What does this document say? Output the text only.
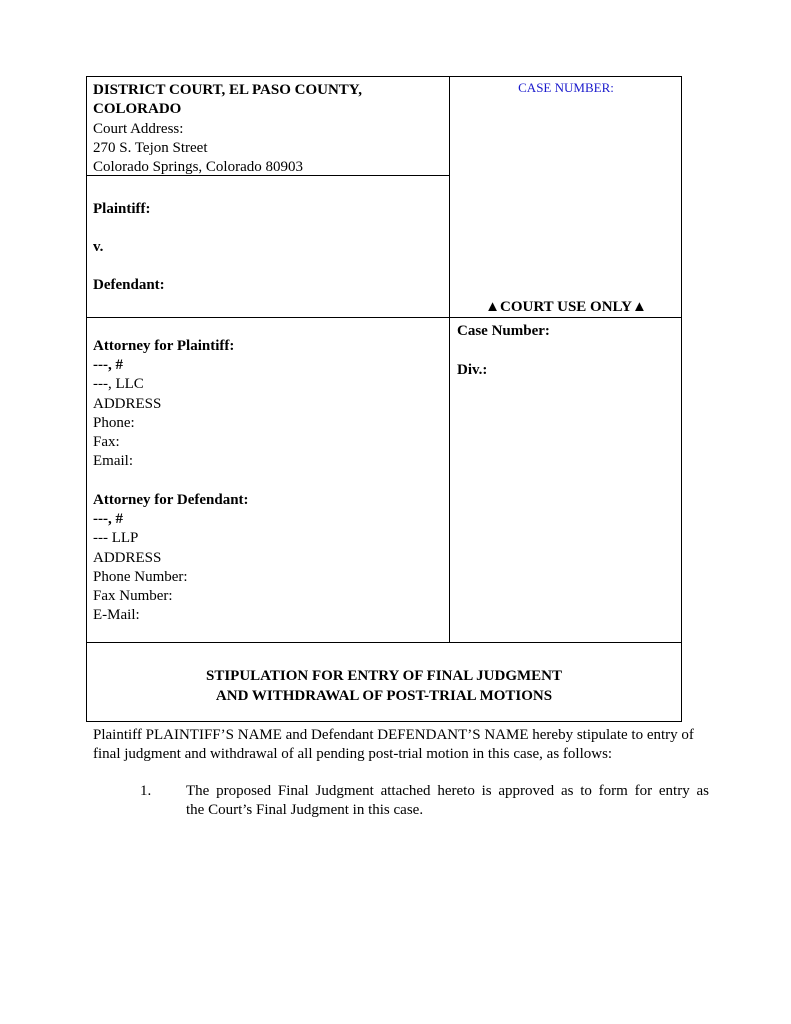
DISTRICT COURT, EL PASO COUNTY,
COLORADO
Court Address:
270 S. Tejon Street
Colorado Springs, Colorado 80903
CASE NUMBER:
Plaintiff:
v.
Defendant:
▲COURT USE ONLY▲
Attorney for Plaintiff:
---, #
---, LLC
ADDRESS
Phone:
Fax:
Email:
Attorney for Defendant:
---, #
--- LLP
ADDRESS
Phone Number:
Fax Number:
E-Mail:
Case Number:
Div.:
STIPULATION FOR ENTRY OF FINAL JUDGMENT
AND WITHDRAWAL OF POST-TRIAL MOTIONS
Plaintiff PLAINTIFF’S NAME and Defendant DEFENDANT’S NAME hereby stipulate to entry of
final judgment and withdrawal of all pending post-trial motion in this case, as follows:
1. The proposed Final Judgment attached hereto is approved as to form for entry as
the Court’s Final Judgment in this case.
